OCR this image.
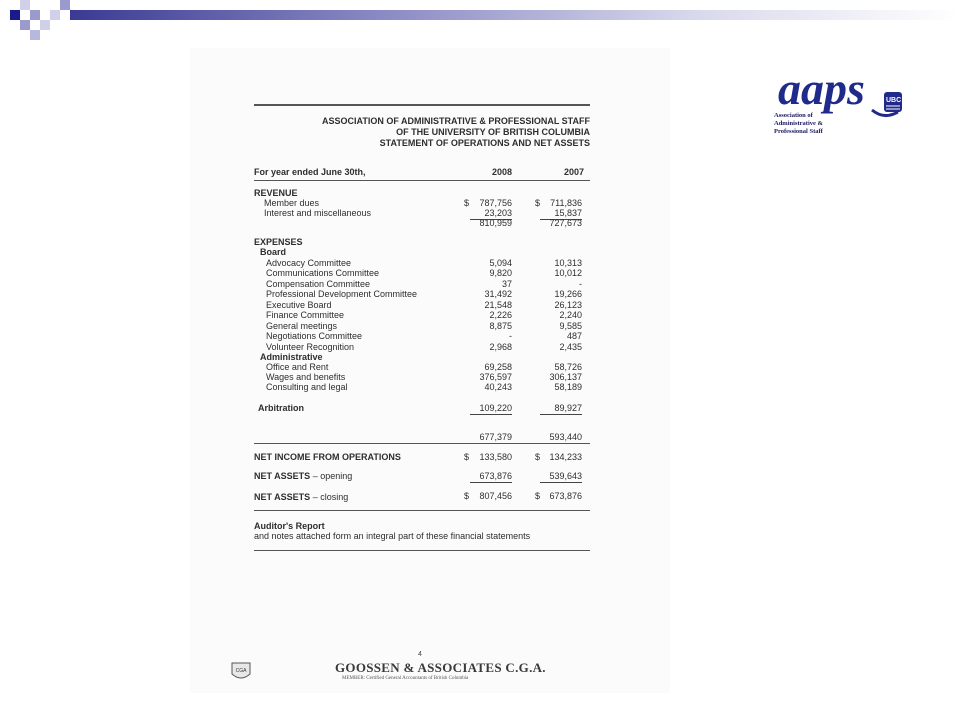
aaps	UBC
Association of
Administrative &
Professional Staff
ASSOCIATION OF ADMINISTRATIVE & PROFESSIONAL STAFF
OF THE UNIVERSITY OF BRITISH COLUMBIA
STATEMENT OF OPERATIONS AND NET ASSETS
For year ended June 30th,	2008	2007
REVENUE
Member dues	$	787,756	$	711,836
Interest and miscellaneous	23,203	15,837
810,959	727,673
EXPENSES
Board
Advocacy Committee	5,094	10,313
Communications Committee	9,820	10,012
Compensation Committee	37	-
Professional Development Committee	31,492	19,266
Executive Board	21,548	26,123
Finance Committee	2,226	2,240
General meetings	8,875	9,585
Negotiations Committee	-	487
Volunteer Recognition	2,968	2,435
Administrative
Office and Rent	69,258	58,726
Wages and benefits	376,597	306,137
Consulting and legal	40,243	58,189
Arbitration	109,220	89,927
677,379	593,440
NET INCOME FROM OPERATIONS	$	133,580	$	134,233
NET ASSETS – opening	673,876	539,643
NET ASSETS – closing	$	807,456	$	673,876
Auditor's Report
and notes attached form an integral part of these financial statements
4
CGA	GOOSSEN & ASSOCIATES C.G.A.
MEMBER: Certified General Accountants of British Columbia
